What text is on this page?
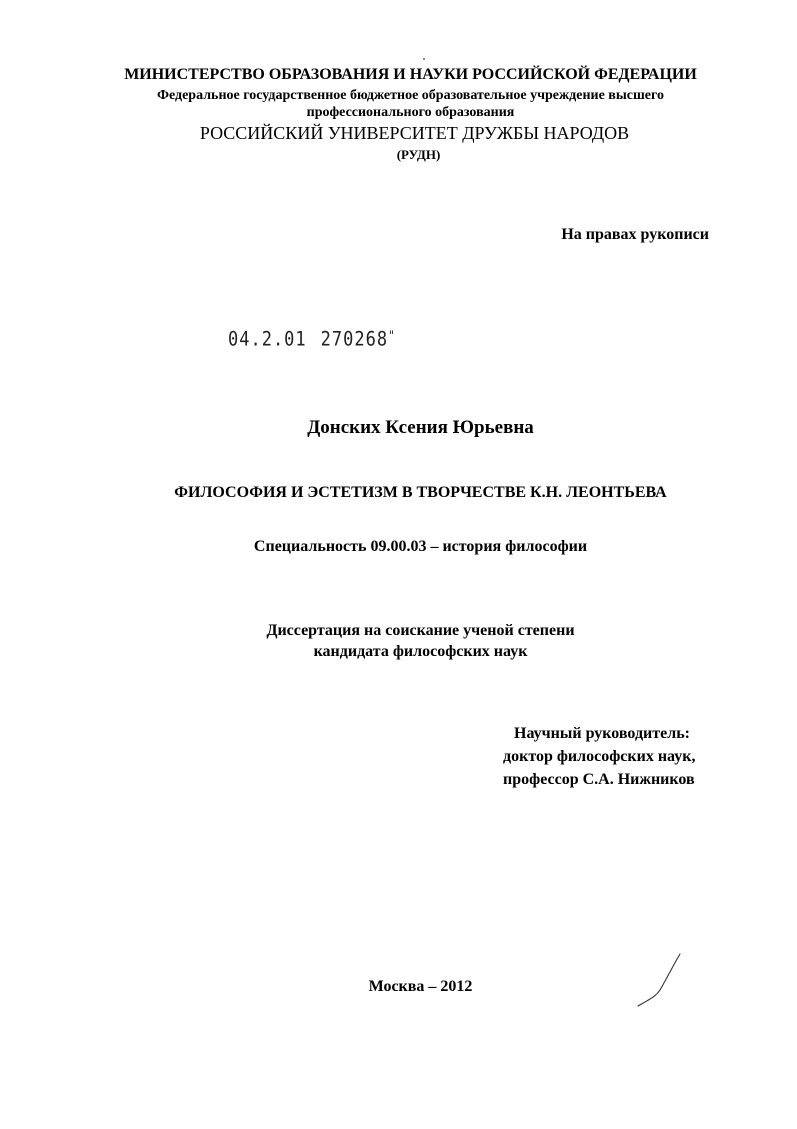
МИНИСТЕРСТВО ОБРАЗОВАНИЯ И НАУКИ РОССИЙСКОЙ ФЕДЕРАЦИИ

Федеральное государственное бюджетное образовательное учреждение высшего

профессионального образования

РОССИЙСКИЙ УНИВЕРСИТЕТ ДРУЖБЫ НАРОДОВ

(РУДН)

На правах рукописи

04.2.01 270268"

Донских Ксения Юрьевна

ФИЛОСОФИЯ И ЭСТЕТИЗМ В ТВОРЧЕСТВЕ К.Н. ЛЕОНТЬЕВА

Специальность 09.00.03 – история философии

Диссертация на соискание ученой степени

кандидата философских наук

Научный руководитель:

доктор философских наук,

профессор С.А. Нижников

Москва – 2012
